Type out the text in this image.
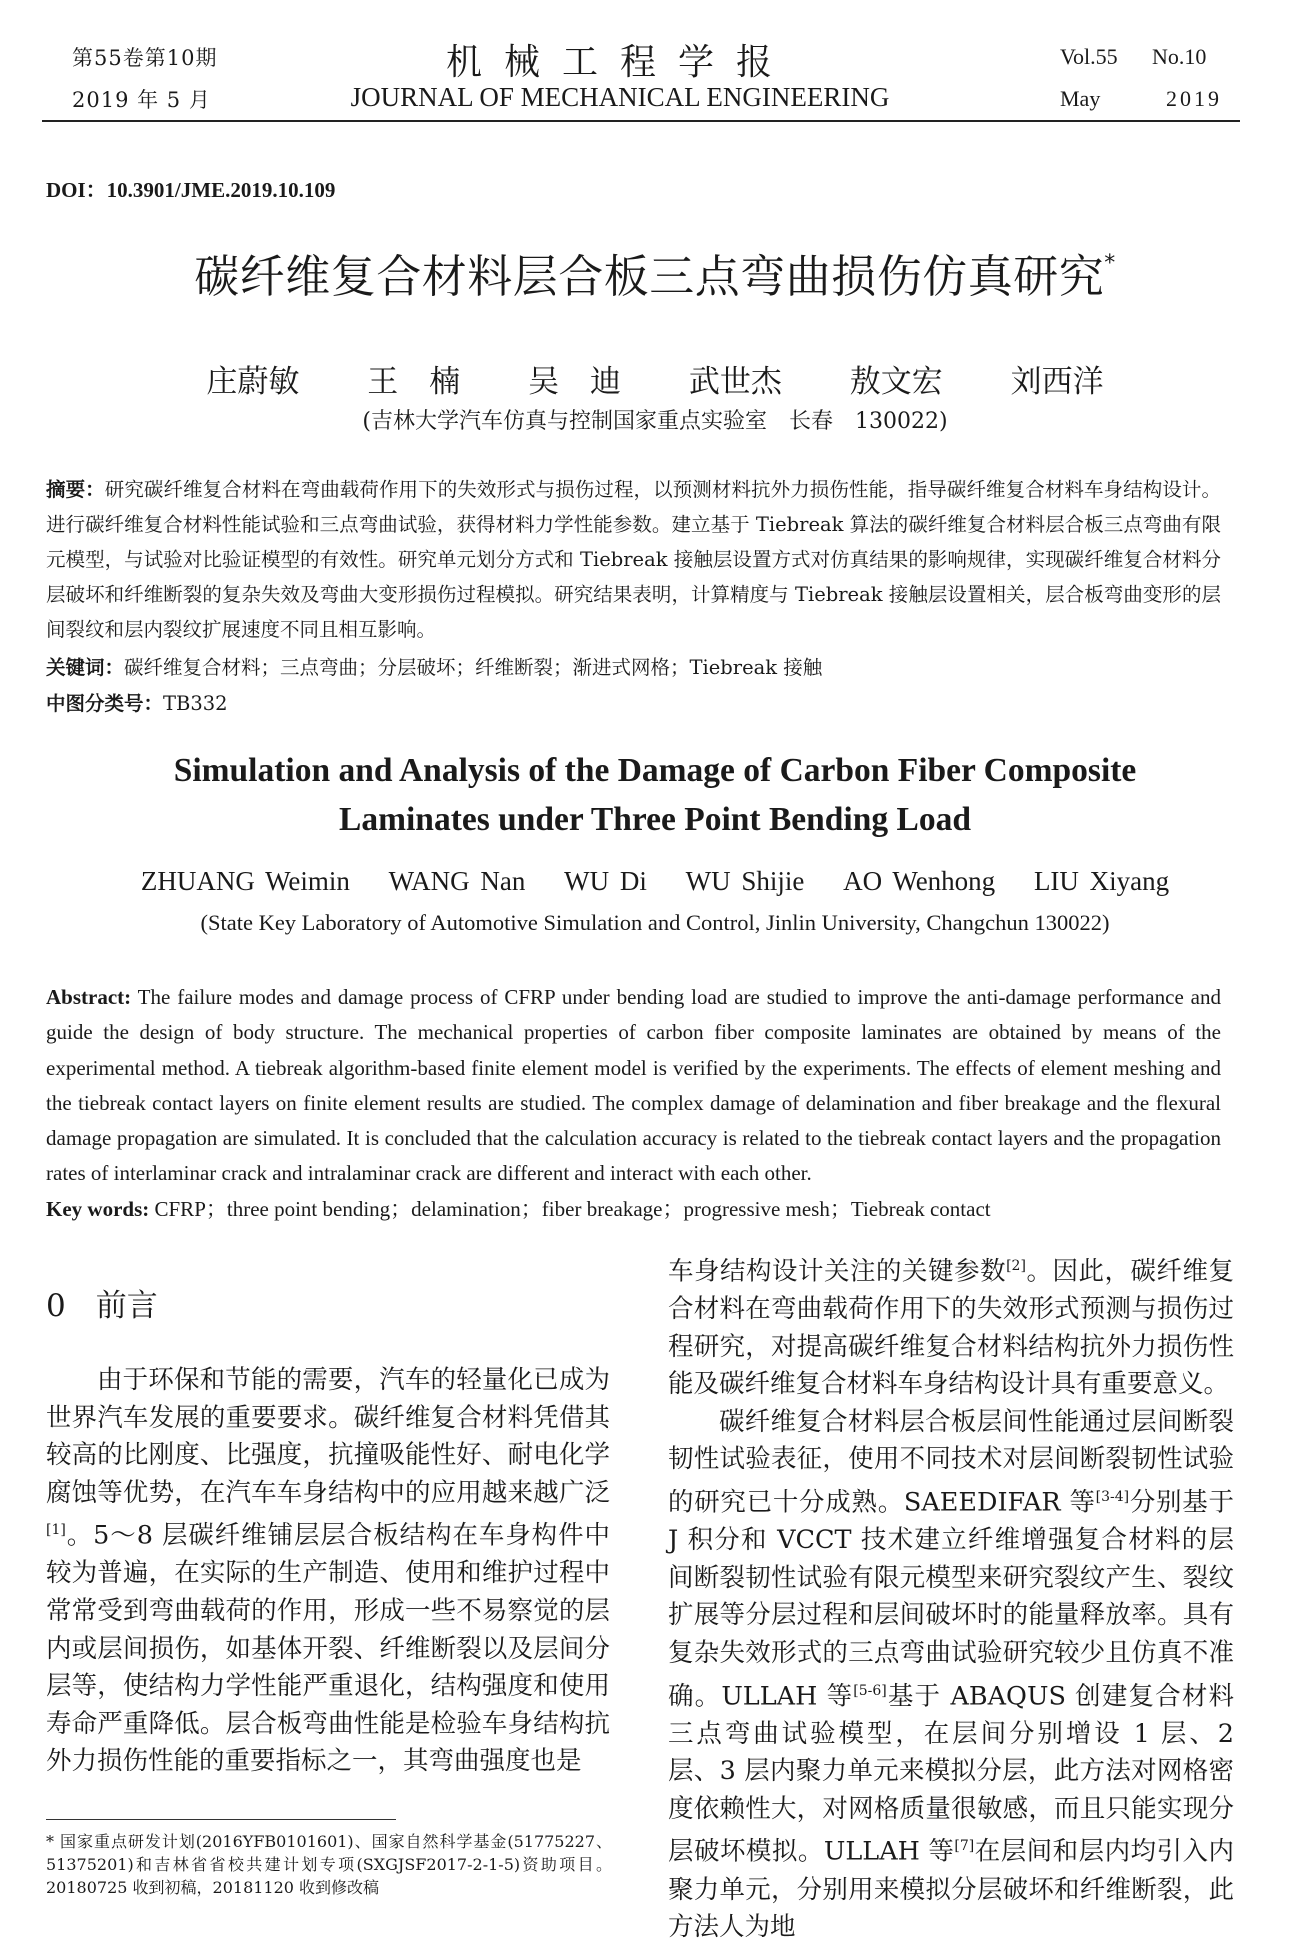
第55卷第10期
2019 年 5 月
机械工程学报
JOURNAL OF MECHANICAL ENGINEERING
Vol.55 No.10
May	2019
DOI：10.3901/JME.2019.10.109
碳纤维复合材料层合板三点弯曲损伤仿真研究*
庄蔚敏 王　楠 吴　迪 武世杰 敖文宏 刘西洋
(吉林大学汽车仿真与控制国家重点实验室　长春　130022)
摘要：研究碳纤维复合材料在弯曲载荷作用下的失效形式与损伤过程，以预测材料抗外力损伤性能，指导碳纤维复合材料车身结构设计。进行碳纤维复合材料性能试验和三点弯曲试验，获得材料力学性能参数。建立基于 Tiebreak 算法的碳纤维复合材料层合板三点弯曲有限元模型，与试验对比验证模型的有效性。研究单元划分方式和 Tiebreak 接触层设置方式对仿真结果的影响规律，实现碳纤维复合材料分层破坏和纤维断裂的复杂失效及弯曲大变形损伤过程模拟。研究结果表明，计算精度与 Tiebreak 接触层设置相关，层合板弯曲变形的层间裂纹和层内裂纹扩展速度不同且相互影响。
关键词：碳纤维复合材料；三点弯曲；分层破坏；纤维断裂；渐进式网格；Tiebreak 接触
中图分类号：TB332
Simulation and Analysis of the Damage of Carbon Fiber Composite
Laminates under Three Point Bending Load
ZHUANG Weimin WANG Nan WU Di WU Shijie AO Wenhong LIU Xiyang
(State Key Laboratory of Automotive Simulation and Control, Jinlin University, Changchun 130022)
Abstract: The failure modes and damage process of CFRP under bending load are studied to improve the anti-damage performance and guide the design of body structure. The mechanical properties of carbon fiber composite laminates are obtained by means of the experimental method. A tiebreak algorithm-based finite element model is verified by the experiments. The effects of element meshing and the tiebreak contact layers on finite element results are studied. The complex damage of delamination and fiber breakage and the flexural damage propagation are simulated. It is concluded that the calculation accuracy is related to the tiebreak contact layers and the propagation rates of interlaminar crack and intralaminar crack are different and interact with each other.
Key words: CFRP；three point bending；delamination；fiber breakage；progressive mesh；Tiebreak contact
0 前言

由于环保和节能的需要，汽车的轻量化已成为世界汽车发展的重要要求。碳纤维复合材料凭借其较高的比刚度、比强度，抗撞吸能性好、耐电化学腐蚀等优势，在汽车车身结构中的应用越来越广泛[1]。5～8 层碳纤维铺层层合板结构在车身构件中较为普遍，在实际的生产制造、使用和维护过程中常常受到弯曲载荷的作用，形成一些不易察觉的层内或层间损伤，如基体开裂、纤维断裂以及层间分层等，使结构力学性能严重退化，结构强度和使用寿命严重降低。层合板弯曲性能是检验车身结构抗外力损伤性能的重要指标之一，其弯曲强度也是

车身结构设计关注的关键参数[2]。因此，碳纤维复合材料在弯曲载荷作用下的失效形式预测与损伤过程研究，对提高碳纤维复合材料结构抗外力损伤性能及碳纤维复合材料车身结构设计具有重要意义。

碳纤维复合材料层合板层间性能通过层间断裂韧性试验表征，使用不同技术对层间断裂韧性试验的研究已十分成熟。SAEEDIFAR 等[3-4]分别基于 J 积分和 VCCT 技术建立纤维增强复合材料的层间断裂韧性试验有限元模型来研究裂纹产生、裂纹扩展等分层过程和层间破坏时的能量释放率。具有复杂失效形式的三点弯曲试验研究较少且仿真不准确。ULLAH 等[5-6]基于 ABAQUS 创建复合材料三点弯曲试验模型，在层间分别增设 1 层、2 层、3 层内聚力单元来模拟分层，此方法对网格密度依赖性大，对网格质量很敏感，而且只能实现分层破坏模拟。ULLAH 等[7]在层间和层内均引入内聚力单元，分别用来模拟分层破坏和纤维断裂，此方法人为地

* 国家重点研发计划(2016YFB0101601)、国家自然科学基金(51775227、51375201)和吉林省省校共建计划专项(SXGJSF2017-2-1-5)资助项目。20180725 收到初稿，20181120 收到修改稿
